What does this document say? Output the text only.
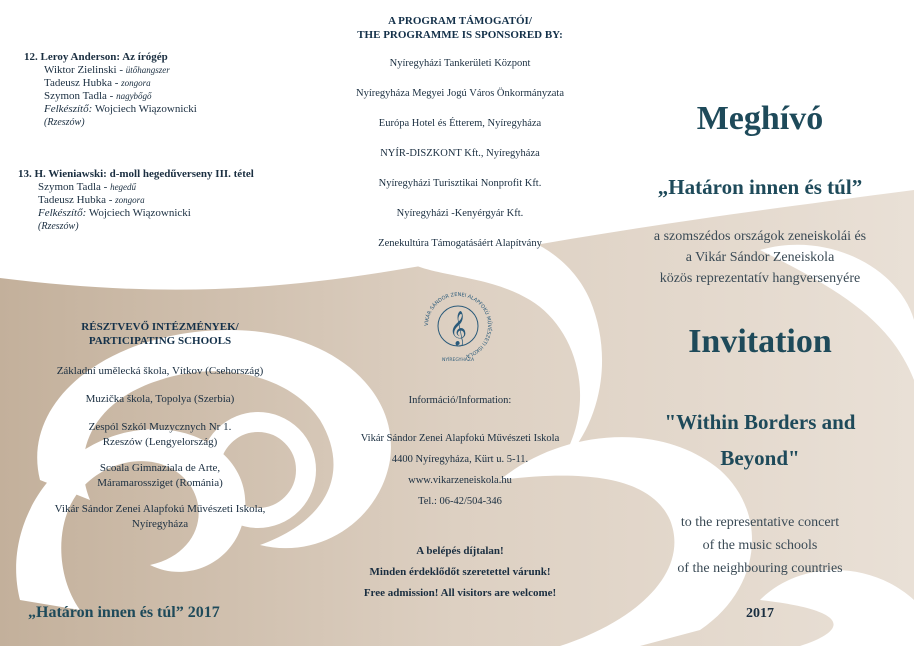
12. Leroy Anderson: Az írógép
Wiktor Zielinski - ütőhangszer
Tadeusz Hubka - zongora
Szymon Tadla - nagybőgő
Felkészítő: Wojciech Wiązownicki
(Rzeszów)
13. H. Wieniawski: d-moll hegedűverseny III. tétel
Szymon Tadla - hegedű
Tadeusz Hubka - zongora
Felkészítő: Wojciech Wiązownicki
(Rzeszów)
RÉSZTVEVŐ INTÉZMÉNYEK/
PARTICIPATING SCHOOLS
Základní umělecká škola, Vítkov (Csehország)
Muzička škola, Topolya (Szerbia)
Zespól Szkól Muzycznych Nr 1.
Rzeszów (Lengyelország)
Scoala Gimnaziala de Arte,
Máramarossziget (Románia)
Vikár Sándor Zenei Alapfokú Művészeti Iskola,
Nyíregyháza
„Határon innen és túl” 2017
A PROGRAM TÁMOGATÓI/
THE PROGRAMME IS SPONSORED BY:
Nyíregyházi Tankerületi Központ
Nyíregyháza Megyei Jogú Város Önkormányzata
Európa Hotel és Étterem, Nyíregyháza
NYÍR-DISZKONT Kft., Nyíregyháza
Nyíregyházi Turisztikai Nonprofit Kft.
Nyíregyházi -Kenyérgyár Kft.
Zenekultúra Támogatásáért Alapítvány
𝄞
VIKÁR SÁNDOR ZENEI ALAPFOKÚ MŰVÉSZETI ISKOLA
NYÍREGYHÁZA
Információ/Information:
Vikár Sándor Zenei Alapfokú Művészeti Iskola
4400 Nyíregyháza, Kürt u. 5-11.
www.vikarzeneiskola.hu
Tel.: 06-42/504-346
A belépés díjtalan!
Minden érdeklődőt szeretettel várunk!
Free admission! All visitors are welcome!
Meghívó
„Határon innen és túl”
a szomszédos országok zeneiskolái és
a Vikár Sándor Zeneiskola
közös reprezentatív hangversenyére
Invitation
"Within Borders and
Beyond"
to the representative concert
of the music schools
of the neighbouring countries
2017
